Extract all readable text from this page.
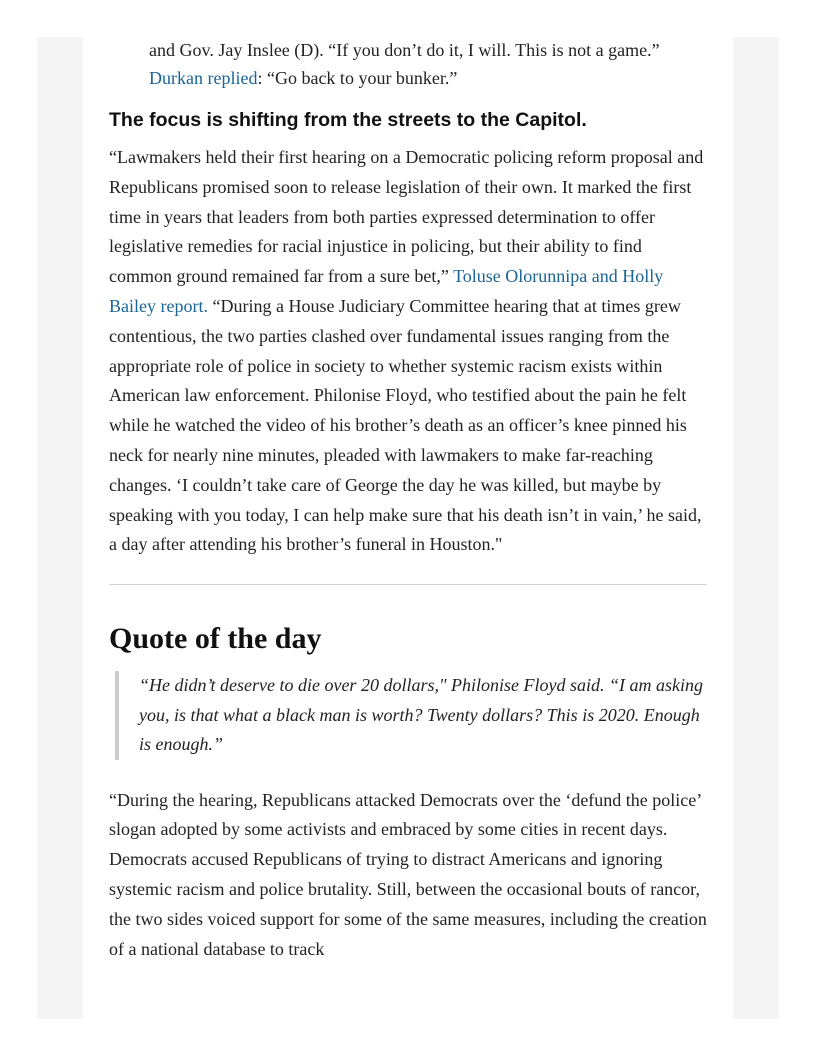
and Gov. Jay Inslee (D). “If you don’t do it, I will. This is not a game.” Durkan replied: “Go back to your bunker.”

The focus is shifting from the streets to the Capitol.

“Lawmakers held their first hearing on a Democratic policing reform proposal and Republicans promised soon to release legislation of their own. It marked the first time in years that leaders from both parties expressed determination to offer legislative remedies for racial injustice in policing, but their ability to find common ground remained far from a sure bet,” Toluse Olorunnipa and Holly Bailey report. “During a House Judiciary Committee hearing that at times grew contentious, the two parties clashed over fundamental issues ranging from the appropriate role of police in society to whether systemic racism exists within American law enforcement. Philonise Floyd, who testified about the pain he felt while he watched the video of his brother’s death as an officer’s knee pinned his neck for nearly nine minutes, pleaded with lawmakers to make far-reaching changes. ‘I couldn’t take care of George the day he was killed, but maybe by speaking with you today, I can help make sure that his death isn’t in vain,’ he said, a day after attending his brother’s funeral in Houston."

Quote of the day

“He didn’t deserve to die over 20 dollars," Philonise Floyd said. “I am asking you, is that what a black man is worth? Twenty dollars? This is 2020. Enough is enough.”

“During the hearing, Republicans attacked Democrats over the ‘defund the police’ slogan adopted by some activists and embraced by some cities in recent days. Democrats accused Republicans of trying to distract Americans and ignoring systemic racism and police brutality. Still, between the occasional bouts of rancor, the two sides voiced support for some of the same measures, including the creation of a national database to track
